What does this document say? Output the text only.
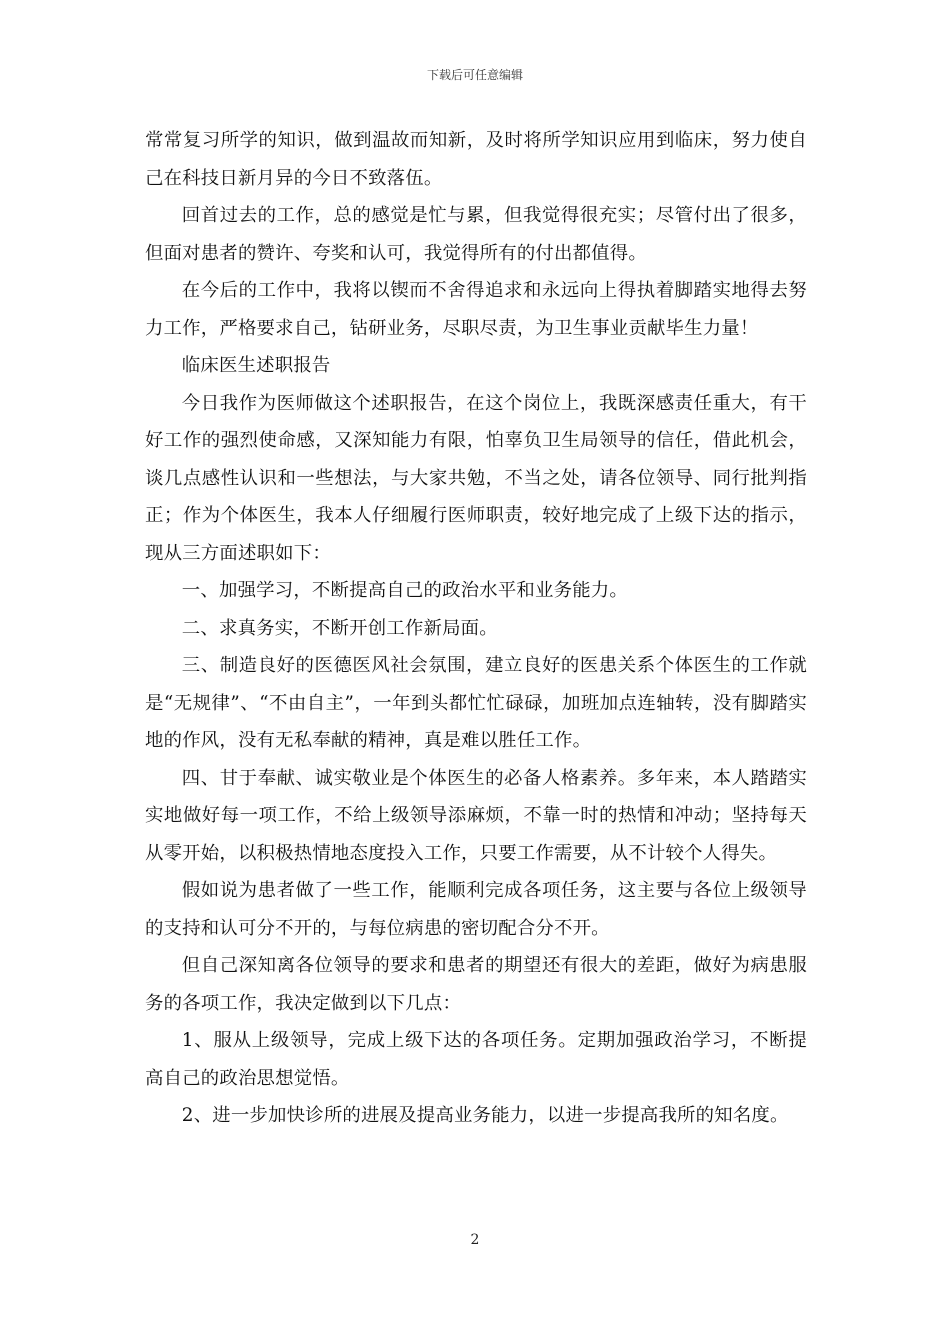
下载后可任意编辑

常常复习所学的知识，做到温故而知新，及时将所学知识应用到临床，努力使自己在科技日新月异的今日不致落伍。

回首过去的工作，总的感觉是忙与累，但我觉得很充实；尽管付出了很多，但面对患者的赞许、夸奖和认可，我觉得所有的付出都值得。

在今后的工作中，我将以锲而不舍得追求和永远向上得执着脚踏实地得去努力工作，严格要求自己，钻研业务，尽职尽责，为卫生事业贡献毕生力量！

临床医生述职报告

今日我作为医师做这个述职报告，在这个岗位上，我既深感责任重大，有干好工作的强烈使命感，又深知能力有限，怕辜负卫生局领导的信任，借此机会，谈几点感性认识和一些想法，与大家共勉，不当之处，请各位领导、同行批判指正；作为个体医生，我本人仔细履行医师职责，较好地完成了上级下达的指示，现从三方面述职如下：

一、加强学习，不断提高自己的政治水平和业务能力。

二、求真务实，不断开创工作新局面。

三、制造良好的医德医风社会氛围，建立良好的医患关系个体医生的工作就是“无规律”、“不由自主”，一年到头都忙忙碌碌，加班加点连轴转，没有脚踏实地的作风，没有无私奉献的精神，真是难以胜任工作。

四、甘于奉献、诚实敬业是个体医生的必备人格素养。多年来，本人踏踏实实地做好每一项工作，不给上级领导添麻烦，不靠一时的热情和冲动；坚持每天从零开始，以积极热情地态度投入工作，只要工作需要，从不计较个人得失。

假如说为患者做了一些工作，能顺利完成各项任务，这主要与各位上级领导的支持和认可分不开的，与每位病患的密切配合分不开。

但自己深知离各位领导的要求和患者的期望还有很大的差距，做好为病患服务的各项工作，我决定做到以下几点：

1、服从上级领导，完成上级下达的各项任务。定期加强政治学习，不断提高自己的政治思想觉悟。

2、进一步加快诊所的进展及提高业务能力，以进一步提高我所的知名度。

2
